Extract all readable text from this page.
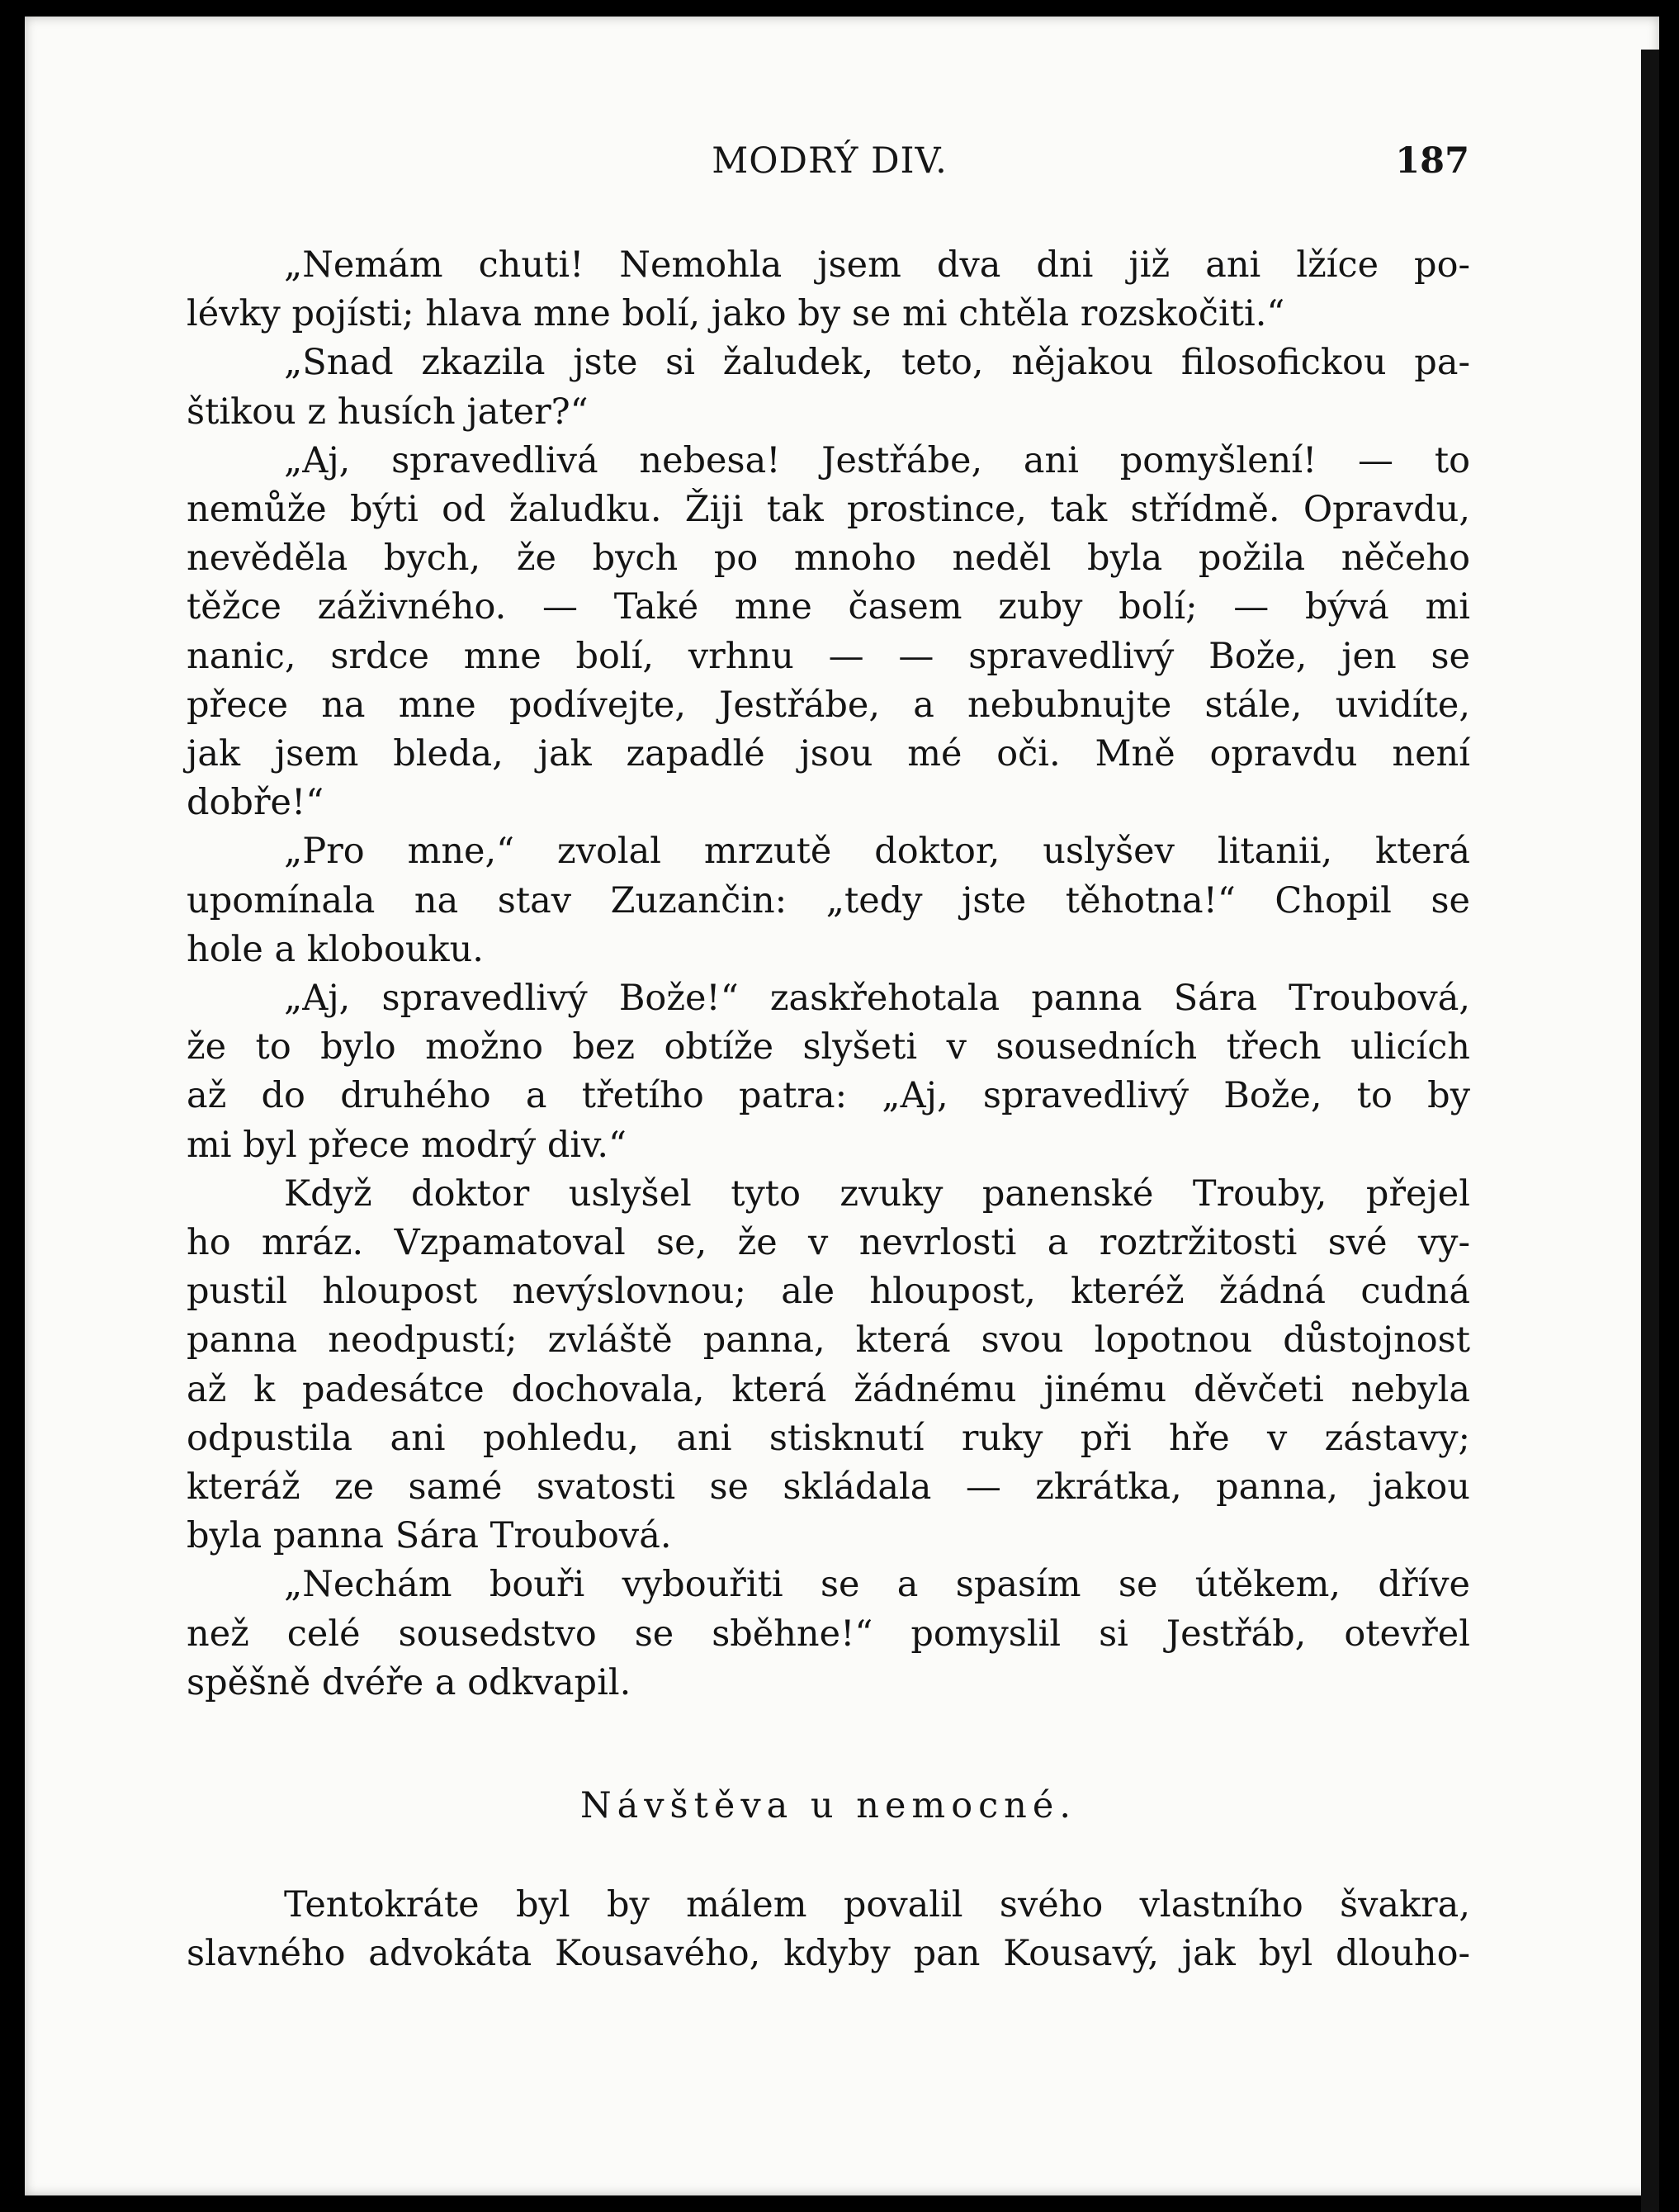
MODRÝ DIV.	187
„Nemám chuti! Nemohla jsem dva dni již ani lžíce po-
lévky pojísti; hlava mne bolí, jako by se mi chtěla rozskočiti.“
„Snad zkazila jste si žaludek, teto, nějakou filosofickou pa-
štikou z husích jater?“
„Aj, spravedlivá nebesa! Jestřábe, ani pomyšlení! — to
nemůže býti od žaludku. Žiji tak prostince, tak střídmě. Opravdu,
nevěděla bych, že bych po mnoho neděl byla požila něčeho
těžce záživného. — Také mne časem zuby bolí; — bývá mi
nanic, srdce mne bolí, vrhnu — — spravedlivý Bože, jen se
přece na mne podívejte, Jestřábe, a nebubnujte stále, uvidíte,
jak jsem bleda, jak zapadlé jsou mé oči. Mně opravdu není
dobře!“
„Pro mne,“ zvolal mrzutě doktor, uslyšev litanii, která
upomínala na stav Zuzančin: „tedy jste těhotna!“ Chopil se
hole a klobouku.
„Aj, spravedlivý Bože!“ zaskřehotala panna Sára Troubová,
že to bylo možno bez obtíže slyšeti v sousedních třech ulicích
až do druhého a třetího patra: „Aj, spravedlivý Bože, to by
mi byl přece modrý div.“
Když doktor uslyšel tyto zvuky panenské Trouby, přejel
ho mráz. Vzpamatoval se, že v nevrlosti a roztržitosti své vy-
pustil hloupost nevýslovnou; ale hloupost, kteréž žádná cudná
panna neodpustí; zvláště panna, která svou lopotnou důstojnost
až k padesátce dochovala, která žádnému jinému děvčeti nebyla
odpustila ani pohledu, ani stisknutí ruky při hře v zástavy;
kteráž ze samé svatosti se skládala — zkrátka, panna, jakou
byla panna Sára Troubová.
„Nechám bouři vybouřiti se a spasím se útěkem, dříve
než celé sousedstvo se sběhne!“ pomyslil si Jestřáb, otevřel
spěšně dvéře a odkvapil.
Návštěva u nemocné.
Tentokráte byl by málem povalil svého vlastního švakra,
slavného advokáta Kousavého, kdyby pan Kousavý, jak byl dlouho-
